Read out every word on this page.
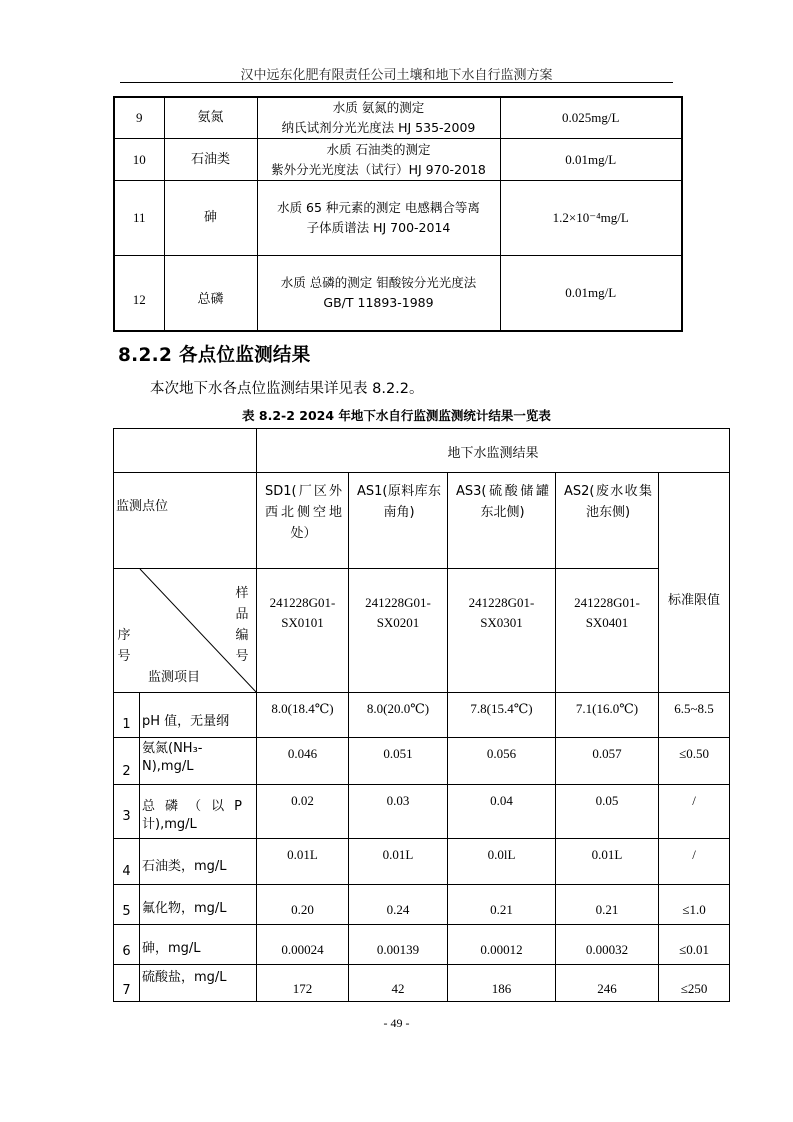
汉中远东化肥有限责任公司土壤和地下水自行监测方案
9	氨氮	水质 氨氮的测定
纳氏试剂分光光度法 HJ 535-2009	0.025mg/L
10	石油类	水质 石油类的测定
紫外分光光度法（试行）HJ 970-2018	0.01mg/L
11	砷	水质 65 种元素的测定 电感耦合等离子体质谱法 HJ 700-2014	1.2×10⁻⁴mg/L
12	总磷	水质 总磷的测定 钼酸铵分光光度法
GB/T 11893-1989	0.01mg/L
8.2.2 各点位监测结果
本次地下水各点位监测结果详见表 8.2.2。
表 8.2-2 2024 年地下水自行监测监测统计结果一览表
		地下水监测结果				
监测点位		SD1(厂区外西北侧空地处）	AS1(原料库东南角)	AS3(硫酸储罐东北侧)	AS2(废水收集池东侧)	标准限值

序号
样品编号
监测项目		241228G01-SX0101	241228G01-SX0201	241228G01-SX0301	241228G01-SX0401	
1	pH 值，无量纲	8.0(18.4℃)	8.0(20.0℃)	7.8(15.4℃)	7.1(16.0℃)	6.5~8.5
2	氨氮(NH₃-N),mg/L	0.046	0.051	0.056	0.057	≤0.50
3	总磷（以P计),mg/L	0.02	0.03	0.04	0.05	/
4	石油类，mg/L	0.01L	0.01L	0.0lL	0.01L	/
5	氟化物，mg/L	0.20	0.24	0.21	0.21	≤1.0
6	砷，mg/L	0.00024	0.00139	0.00012	0.00032	≤0.01
7	硫酸盐，mg/L	172	42	186	246	≤250
- 49 -
